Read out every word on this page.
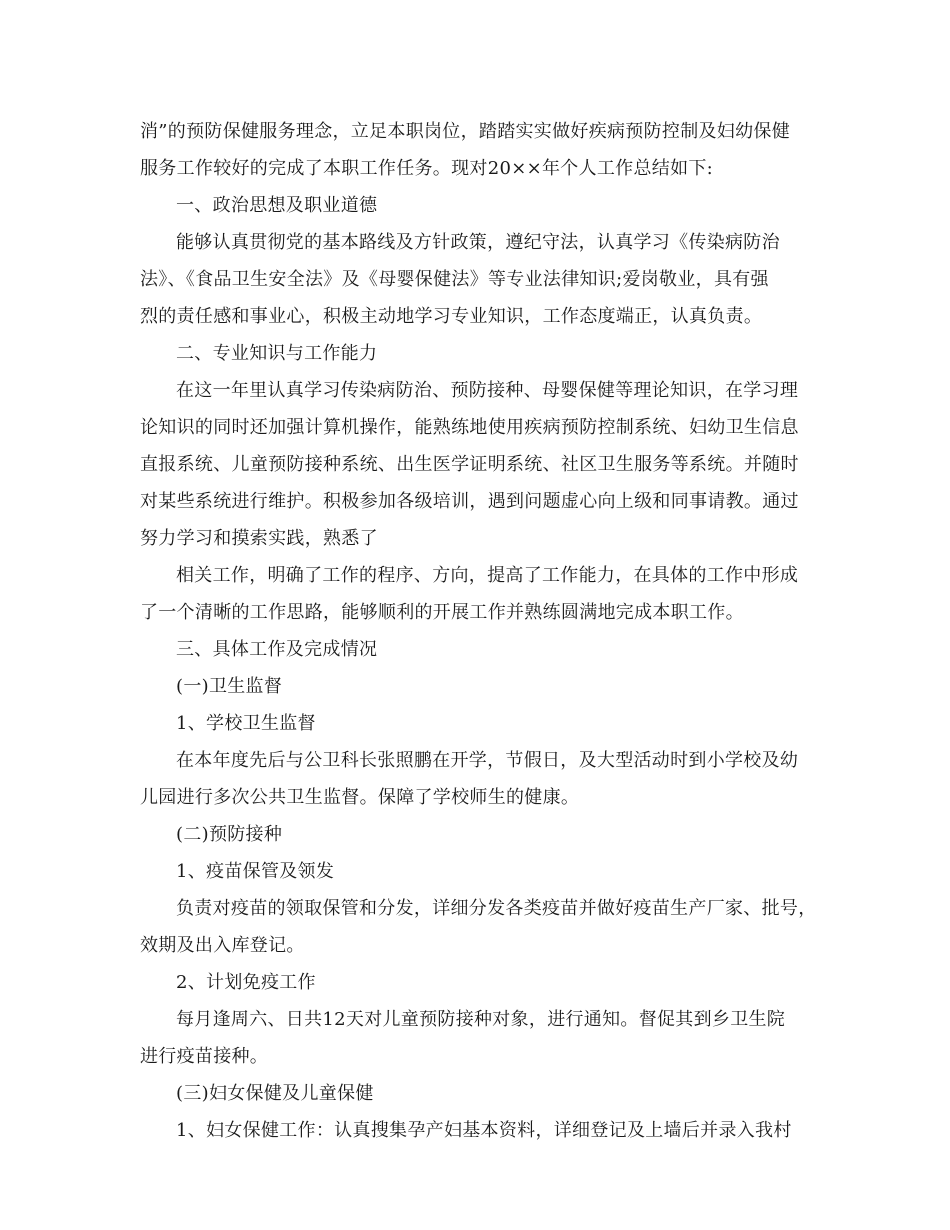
消”的预防保健服务理念，立足本职岗位，踏踏实实做好疾病预防控制及妇幼保健
服务工作较好的完成了本职工作任务。现对20××年个人工作总结如下:
一、政治思想及职业道德
能够认真贯彻党的基本路线及方针政策，遵纪守法，认真学习《传染病防治
法》、《食品卫生安全法》及《母婴保健法》等专业法律知识;爱岗敬业，具有强
烈的责任感和事业心，积极主动地学习专业知识，工作态度端正，认真负责。
二、专业知识与工作能力
在这一年里认真学习传染病防治、预防接种、母婴保健等理论知识，在学习理
论知识的同时还加强计算机操作，能熟练地使用疾病预防控制系统、妇幼卫生信息
直报系统、儿童预防接种系统、出生医学证明系统、社区卫生服务等系统。并随时
对某些系统进行维护。积极参加各级培训，遇到问题虚心向上级和同事请教。通过
努力学习和摸索实践，熟悉了
相关工作，明确了工作的程序、方向，提高了工作能力，在具体的工作中形成
了一个清晰的工作思路，能够顺利的开展工作并熟练圆满地完成本职工作。
三、具体工作及完成情况
(一)卫生监督
1、学校卫生监督
在本年度先后与公卫科长张照鹏在开学，节假日，及大型活动时到小学校及幼
儿园进行多次公共卫生监督。保障了学校师生的健康。
(二)预防接种
1、疫苗保管及领发
负责对疫苗的领取保管和分发，详细分发各类疫苗并做好疫苗生产厂家、批号，
效期及出入库登记。
2、计划免疫工作
每月逢周六、日共12天对儿童预防接种对象，进行通知。督促其到乡卫生院
进行疫苗接种。
(三)妇女保健及儿童保健
1、妇女保健工作：认真搜集孕产妇基本资料，详细登记及上墙后并录入我村
